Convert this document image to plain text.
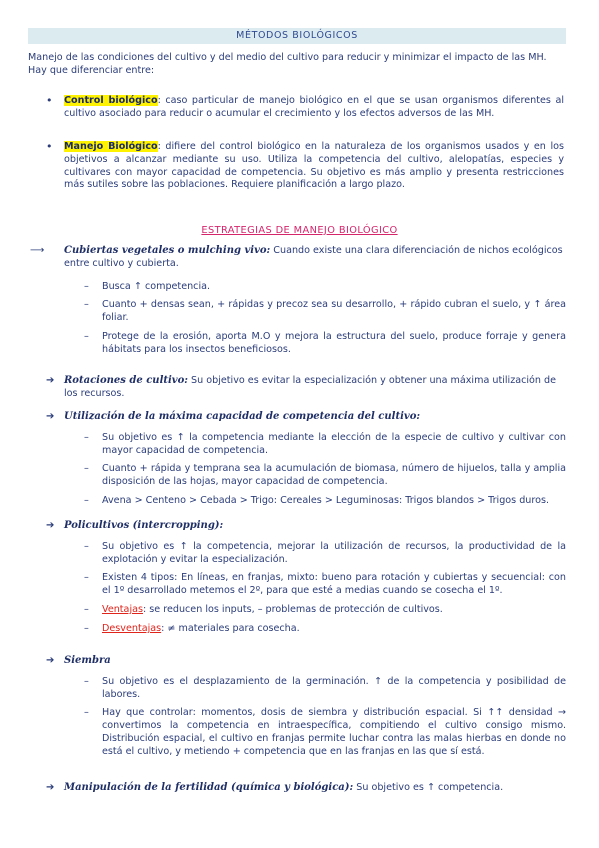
MÉTODOS BIOLÓGICOS
Manejo de las condiciones del cultivo y del medio del cultivo para reducir y minimizar el impacto de las MH.
Hay que diferenciar entre:
• Control biológico: caso particular de manejo biológico en el que se usan organismos diferentes al cultivo asociado para reducir o acumular el crecimiento y los efectos adversos de las MH.
• Manejo Biológico: difiere del control biológico en la naturaleza de los organismos usados y en los objetivos a alcanzar mediante su uso. Utiliza la competencia del cultivo, alelopatías, especies y cultivares con mayor capacidad de competencia. Su objetivo es más amplio y presenta restricciones más sutiles sobre las poblaciones. Requiere planificación a largo plazo.
ESTRATEGIAS DE MANEJO BIOLÓGICO
⟶ Cubiertas vegetales o mulching vivo: Cuando existe una clara diferenciación de nichos ecológicos entre cultivo y cubierta.
– Busca ↑ competencia.
– Cuanto + densas sean, + rápidas y precoz sea su desarrollo, + rápido cubran el suelo, y ↑ área foliar.
– Protege de la erosión, aporta M.O y mejora la estructura del suelo, produce forraje y genera hábitats para los insectos beneficiosos.
➔ Rotaciones de cultivo: Su objetivo es evitar la especialización y obtener una máxima utilización de los recursos.
➔ Utilización de la máxima capacidad de competencia del cultivo:
– Su objetivo es ↑ la competencia mediante la elección de la especie de cultivo y cultivar con mayor capacidad de competencia.
– Cuanto + rápida y temprana sea la acumulación de biomasa, número de hijuelos, talla y amplia disposición de las hojas, mayor capacidad de competencia.
– Avena > Centeno > Cebada > Trigo: Cereales > Leguminosas: Trigos blandos > Trigos duros.
➔ Policultivos (intercropping):
– Su objetivo es ↑ la competencia, mejorar la utilización de recursos, la productividad de la explotación y evitar la especialización.
– Existen 4 tipos: En líneas, en franjas, mixto: bueno para rotación y cubiertas y secuencial: con el 1º desarrollado metemos el 2º, para que esté a medias cuando se cosecha el 1º.
– Ventajas: se reducen los inputs, – problemas de protección de cultivos.
– Desventajas: ≠ materiales para cosecha.
➔ Siembra
– Su objetivo es el desplazamiento de la germinación. ↑ de la competencia y posibilidad de labores.
– Hay que controlar: momentos, dosis de siembra y distribución espacial. Si ↑↑ densidad → convertimos la competencia en intraespecífica, compitiendo el cultivo consigo mismo. Distribución espacial, el cultivo en franjas permite luchar contra las malas hierbas en donde no está el cultivo, y metiendo + competencia que en las franjas en las que sí está.
➔ Manipulación de la fertilidad (química y biológica): Su objetivo es ↑ competencia.
